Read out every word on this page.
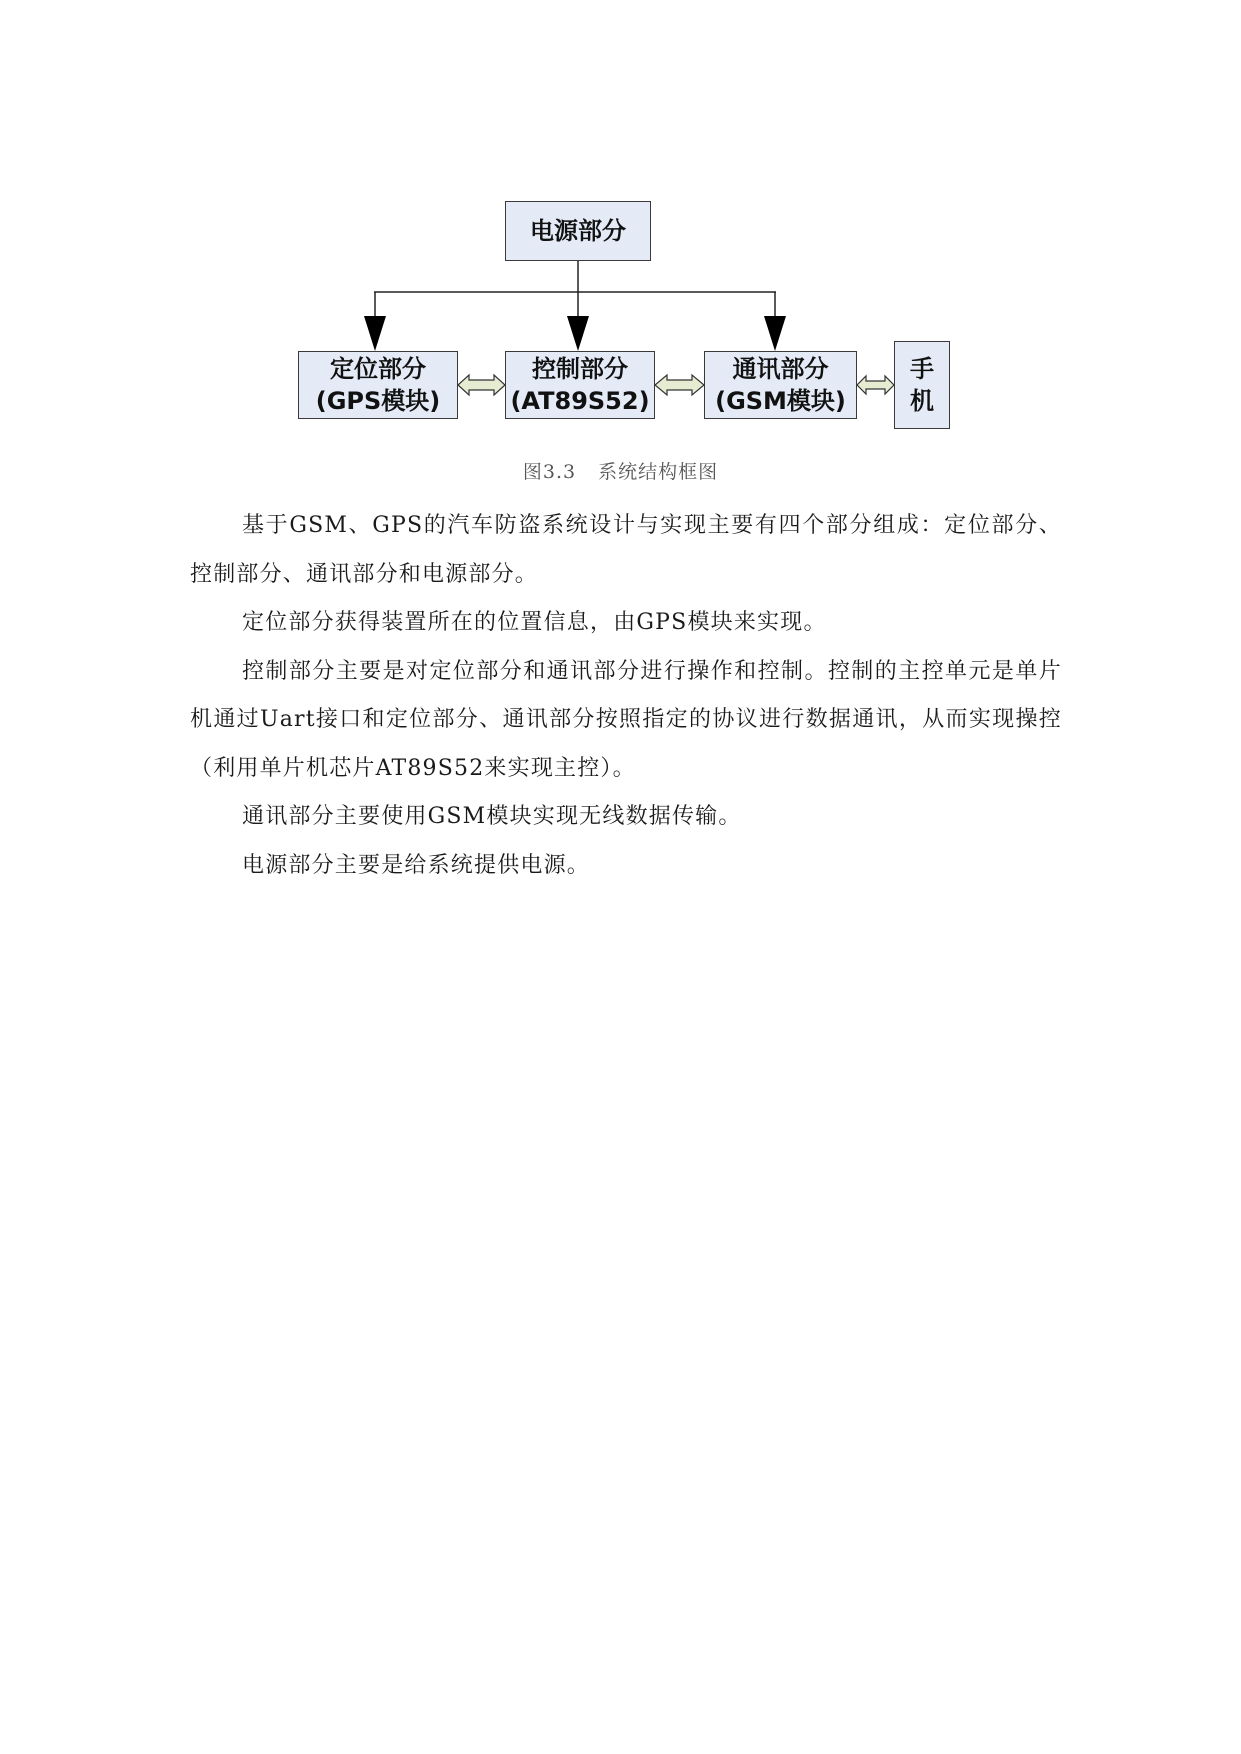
电源部分
定位部分
(GPS模块)
控制部分
(AT89S52)
通讯部分
(GSM模块)
手
机
图3.3 系统结构框图

基于GSM、GPS的汽车防盗系统设计与实现主要有四个部分组成：定位部分、控制部分、通讯部分和电源部分。

定位部分获得装置所在的位置信息，由GPS模块来实现。

控制部分主要是对定位部分和通讯部分进行操作和控制。控制的主控单元是单片机通过Uart接口和定位部分、通讯部分按照指定的协议进行数据通讯，从而实现操控（利用单片机芯片AT89S52来实现主控）。

通讯部分主要使用GSM模块实现无线数据传输。

电源部分主要是给系统提供电源。
